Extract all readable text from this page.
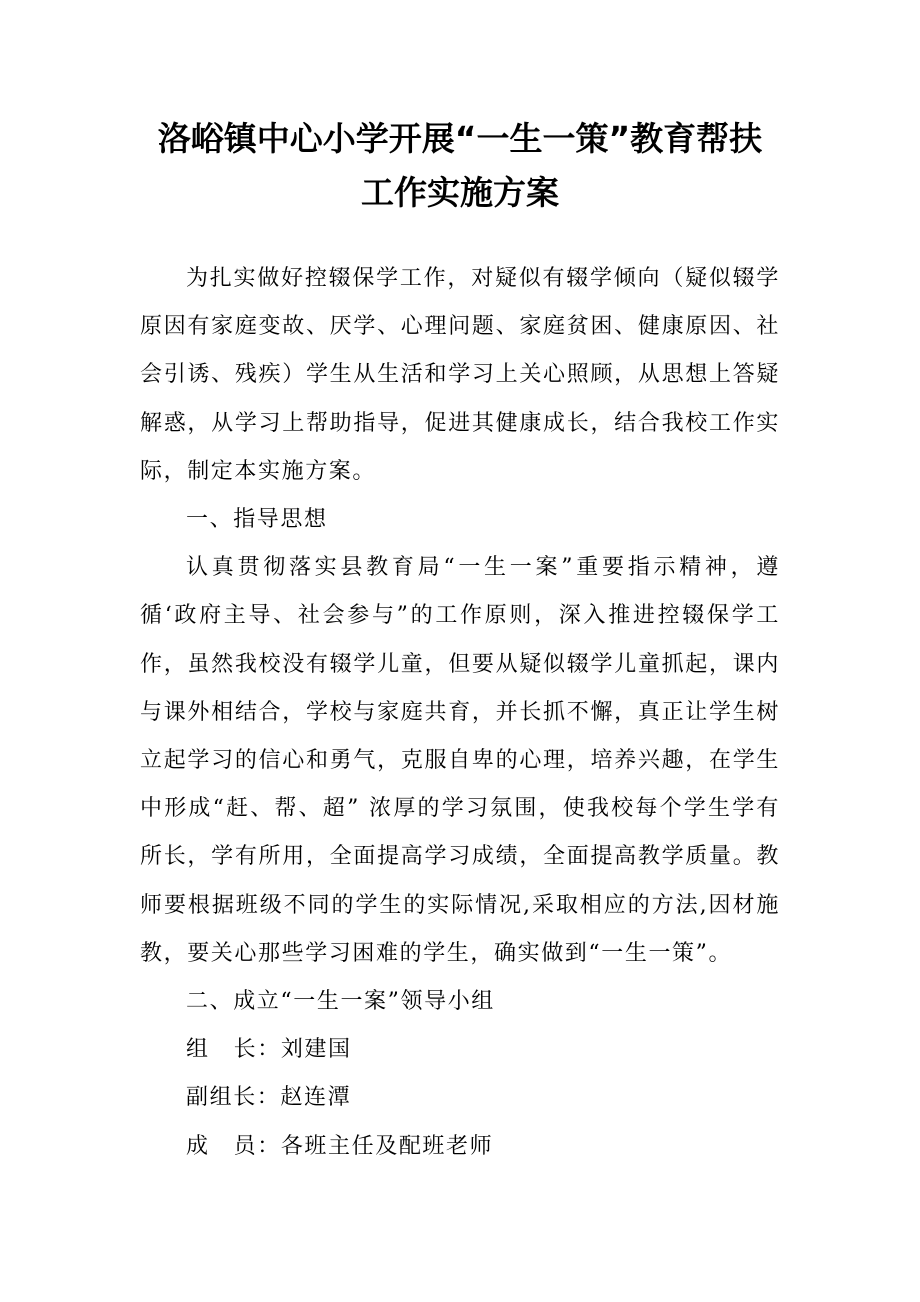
洛峪镇中心小学开展“一生一策”教育帮扶
工作实施方案

为扎实做好控辍保学工作，对疑似有辍学倾向（疑似辍学原因有家庭变故、厌学、心理问题、家庭贫困、健康原因、社会引诱、残疾）学生从生活和学习上关心照顾，从思想上答疑解惑，从学习上帮助指导，促进其健康成长，结合我校工作实际，制定本实施方案。

一、指导思想

认真贯彻落实县教育局“一生一案”重要指示精神，遵循‘政府主导、社会参与”的工作原则，深入推进控辍保学工作，虽然我校没有辍学儿童，但要从疑似辍学儿童抓起，课内与课外相结合，学校与家庭共育，并长抓不懈，真正让学生树立起学习的信心和勇气，克服自卑的心理，培养兴趣，在学生中形成“赶、帮、超” 浓厚的学习氛围，使我校每个学生学有所长，学有所用，全面提高学习成绩，全面提高教学质量。教师要根据班级不同的学生的实际情况,采取相应的方法,因材施教，要关心那些学习困难的学生，确实做到“一生一策”。

二、成立“一生一案”领导小组

组 长：刘建国

副组长：赵连潭

成 员：各班主任及配班老师
